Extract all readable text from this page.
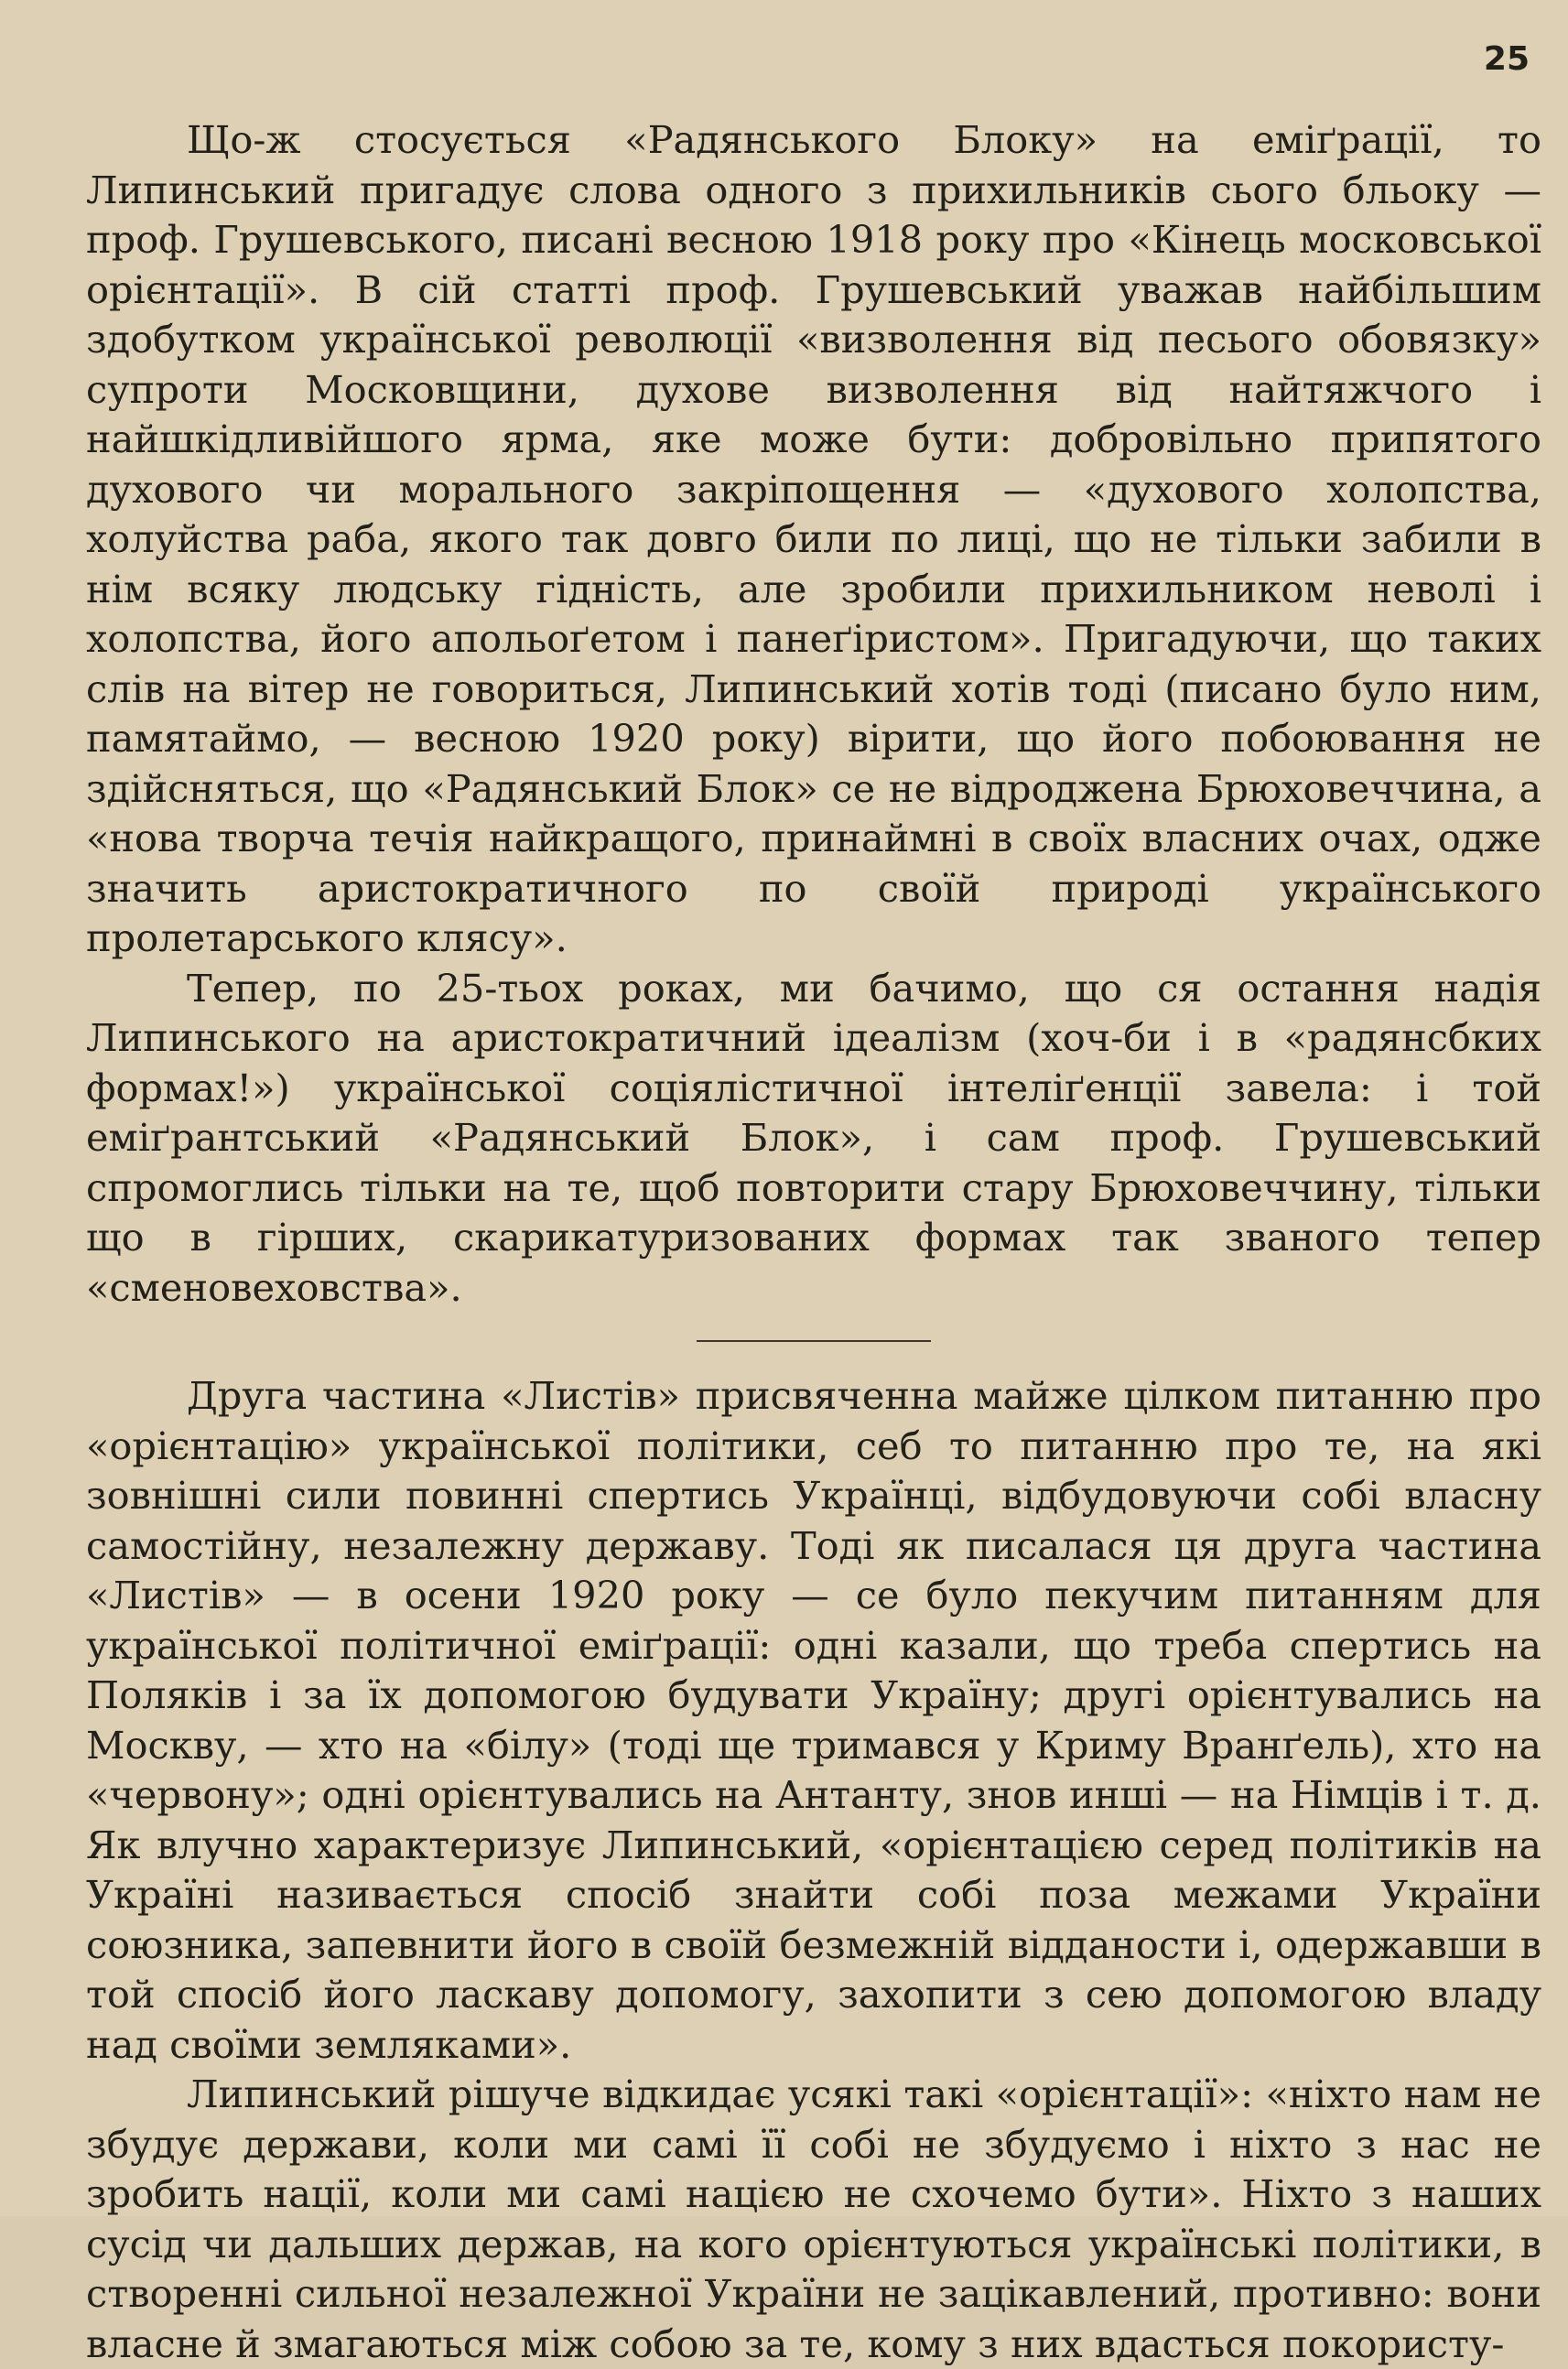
25

Що-ж стосується «Радянського Блоку» на еміґрації, то Липинський пригадує слова одного з прихильників сього бльоку — проф. Грушевського, писані весною 1918 року про «Кінець московської орієнтації». В сій статті проф. Грушевський уважав найбільшим здобутком української революції «визволення від песього обовязку» супроти Московщини, духове визволення від найтяжчого і найшкідливійшого ярма, яке може бути: добровільно припятого духового чи морального закріпощення — «духового холопства, холуйства раба, якого так довго били по лиці, що не тільки забили в нім всяку людську гідність, але зробили прихильником неволі і холопства, його апольоґетом і панеґіристом». Пригадуючи, що таких слів на вітер не говориться, Липинський хотів тоді (писано було ним, памятаймо, — весною 1920 року) вірити, що його побоювання не здійсняться, що «Радянський Блок» се не відроджена Брюховеччина, а «нова творча течія найкращого, принаймні в своїх власних очах, одже значить аристократичного по своїй природі українського пролетарського клясу».

Тепер, по 25-тьох рокаx, ми бачимо, що ся остання надія Липинського на аристократичний ідеалізм (хоч-би і в «радянсбких формах!») української соціялістичної інтеліґенції завела: і той еміґрантський «Радянський Блок», і сам проф. Грушевський спромоглись тільки на те, щоб повторити стару Брюховеччину, тільки що в гірших, скарикатуризованих формах так званого тепер «сменовеховства».

Друга частина «Листів» присвяченна майже цілком питанню про «орієнтацію» української політики, себ то питанню про те, на які зовнішні сили повинні спертись Українці, відбудовуючи собі власну самостійну, незалежну державу. Тоді як писалася ця друга частина «Листів» — в осени 1920 року — се було пекучим питанням для української політичної еміґрації: одні казали, що треба спертись на Поляків і за їх допомогою будувати Україну; другі орієнтувались на Москву, — хто на «білу» (тоді ще тримався у Криму Вранґель), хто на «червону»; одні орієнтувались на Антанту, знов инші — на Німців і т. д. Як влучно характеризує Липинський, «орієнтацією серед політиків на Україні називається спосіб знайти собі поза межами України союзника, запевнити його в своїй безмежній відданости і, одержавши в той спосіб його ласкаву допомогу, захопити з сею допомогою владу над своїми земляками».

Липинський рішуче відкидає усякі такі «орієнтації»: «ніхто нам не збудує держави, коли ми самі її собі не збудуємо і ніхто з нас не зробить нації, коли ми самі нацією не схочемо бути». Ніхто з наших сусід чи дальших держав, на кого орієнтуються українські політики, в створенні сильної незалежної України не зацікавлений, противно: вони власне й змагаються між собою за те, кому з них вдасться покористу-
